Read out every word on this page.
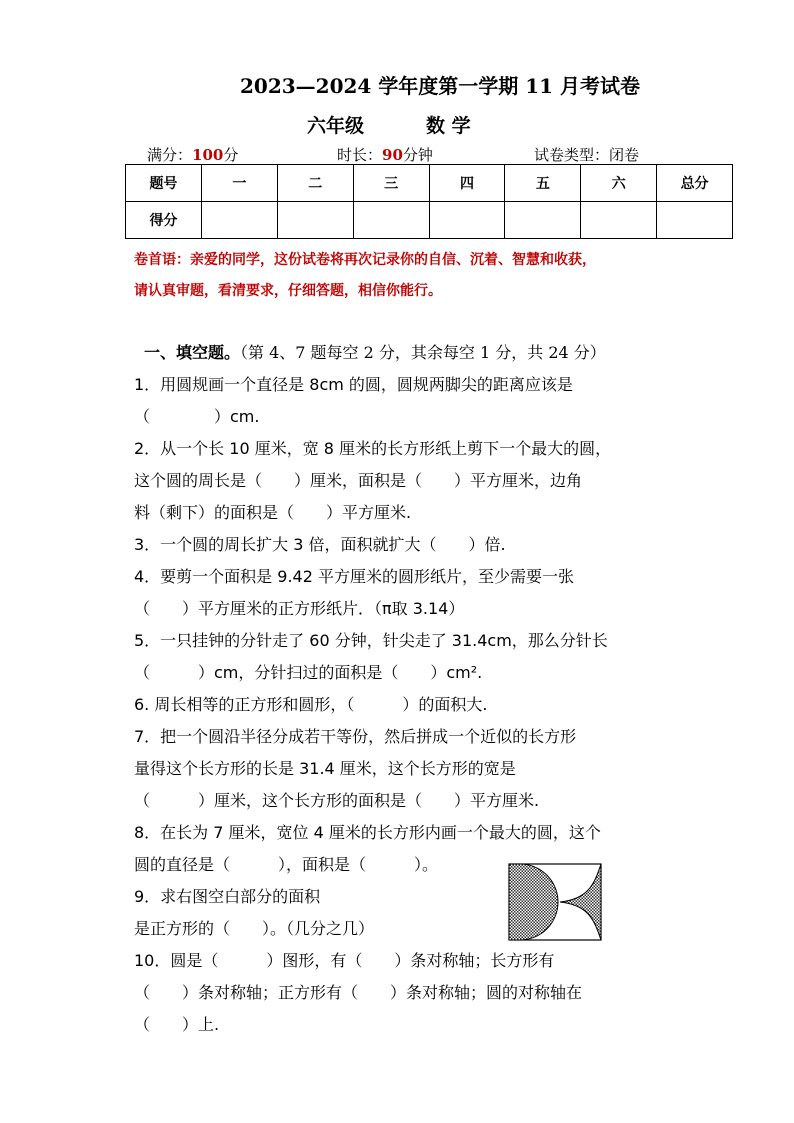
2023—2024 学年度第一学期 11 月考试卷
六年级	数 学
满分：100分	时长：90分钟	试卷类型：闭卷
题号	一	二	三	四	五	六	总分
得分							
卷首语：亲爱的同学，这份试卷将再次记录你的自信、沉着、智慧和收获，
请认真审题，看清要求，仔细答题，相信你能行。
一、填空题。（第 4、7 题每空 2 分，其余每空 1 分，共 24 分）
1．用圆规画一个直径是 8cm 的圆，圆规两脚尖的距离应该是
（　　　　）cm.
2．从一个长 10 厘米，宽 8 厘米的长方形纸上剪下一个最大的圆，
这个圆的周长是（　　）厘米，面积是（　　）平方厘米，边角
料（剩下）的面积是（　　）平方厘米.
3．一个圆的周长扩大 3 倍，面积就扩大（　　）倍.
4．要剪一个面积是 9.42 平方厘米的圆形纸片，至少需要一张
（　　）平方厘米的正方形纸片．（π取 3.14）
5．一只挂钟的分针走了 60 分钟，针尖走了 31.4cm，那么分针长
（　　　）cm，分针扫过的面积是（　　）cm².
6. 周长相等的正方形和圆形，（　　　）的面积大.
7．把一个圆沿半径分成若干等份，然后拼成一个近似的长方形
量得这个长方形的长是 31.4 厘米，这个长方形的宽是
（　　　）厘米，这个长方形的面积是（　　）平方厘米.
8．在长为 7 厘米，宽位 4 厘米的长方形内画一个最大的圆，这个
圆的直径是（　　　），面积是（　　　）。
9．求右图空白部分的面积
是正方形的（　　）。（几分之几）
10．圆是（　　　）图形，有（　　）条对称轴；长方形有
（　　）条对称轴；正方形有（　　）条对称轴；圆的对称轴在
（　　）上.
